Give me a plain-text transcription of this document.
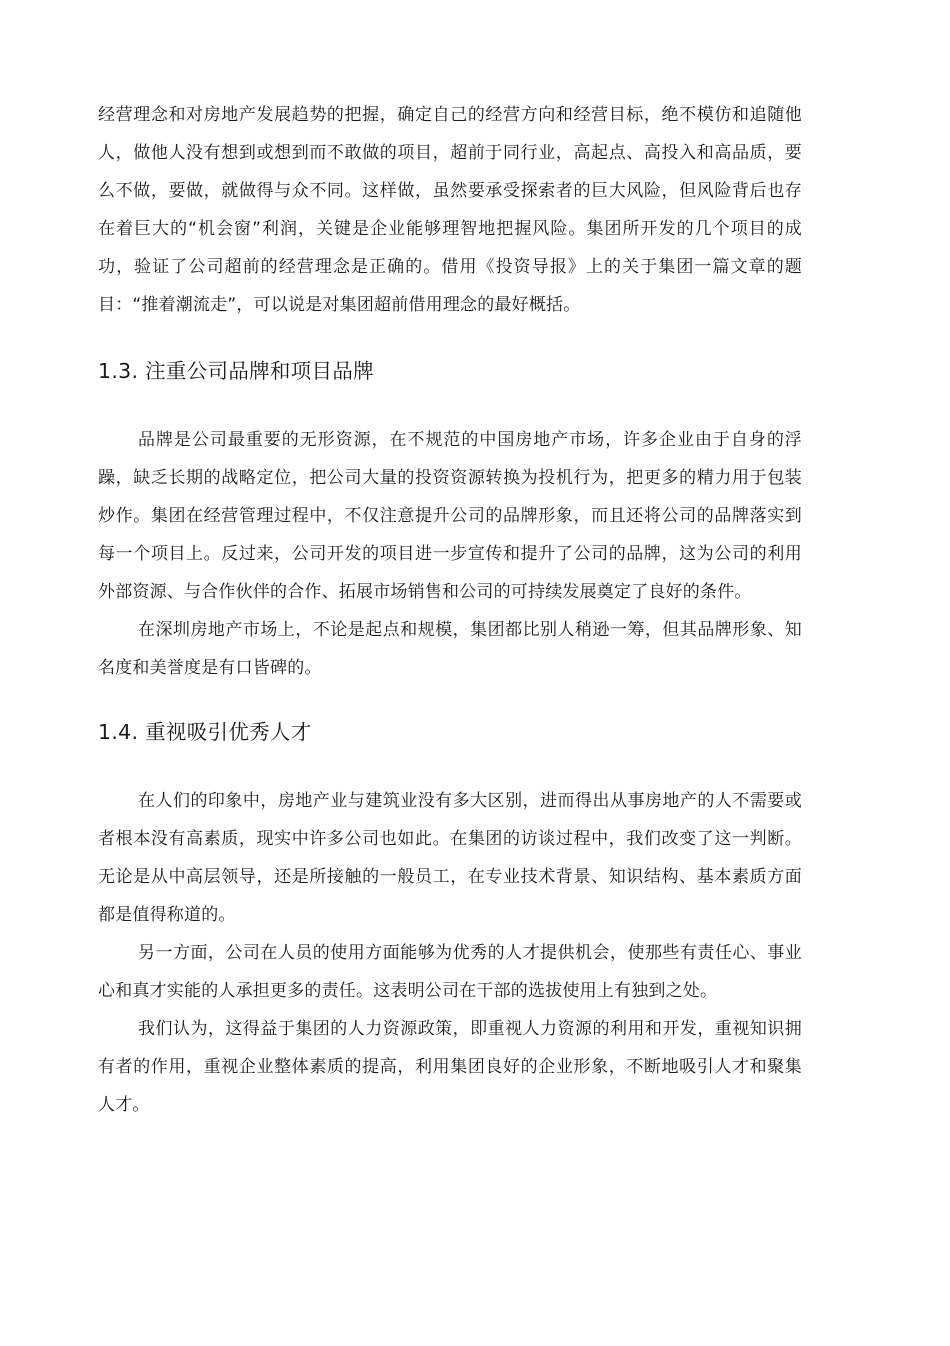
经营理念和对房地产发展趋势的把握，确定自己的经营方向和经营目标，绝不模仿和追随他人，做他人没有想到或想到而不敢做的项目，超前于同行业，高起点、高投入和高品质，要么不做，要做，就做得与众不同。这样做，虽然要承受探索者的巨大风险，但风险背后也存在着巨大的“机会窗”利润，关键是企业能够理智地把握风险。集团所开发的几个项目的成功，验证了公司超前的经营理念是正确的。借用《投资导报》上的关于集团一篇文章的题目：“推着潮流走”，可以说是对集团超前借用理念的最好概括。

1.3. 注重公司品牌和项目品牌

品牌是公司最重要的无形资源，在不规范的中国房地产市场，许多企业由于自身的浮躁，缺乏长期的战略定位，把公司大量的投资资源转换为投机行为，把更多的精力用于包装炒作。集团在经营管理过程中，不仅注意提升公司的品牌形象，而且还将公司的品牌落实到每一个项目上。反过来，公司开发的项目进一步宣传和提升了公司的品牌，这为公司的利用外部资源、与合作伙伴的合作、拓展市场销售和公司的可持续发展奠定了良好的条件。

在深圳房地产市场上，不论是起点和规模，集团都比别人稍逊一筹，但其品牌形象、知名度和美誉度是有口皆碑的。

1.4. 重视吸引优秀人才

在人们的印象中，房地产业与建筑业没有多大区别，进而得出从事房地产的人不需要或者根本没有高素质，现实中许多公司也如此。在集团的访谈过程中，我们改变了这一判断。无论是从中高层领导，还是所接触的一般员工，在专业技术背景、知识结构、基本素质方面都是值得称道的。

另一方面，公司在人员的使用方面能够为优秀的人才提供机会，使那些有责任心、事业心和真才实能的人承担更多的责任。这表明公司在干部的选拔使用上有独到之处。

我们认为，这得益于集团的人力资源政策，即重视人力资源的利用和开发，重视知识拥有者的作用，重视企业整体素质的提高，利用集团良好的企业形象，不断地吸引人才和聚集人才。
